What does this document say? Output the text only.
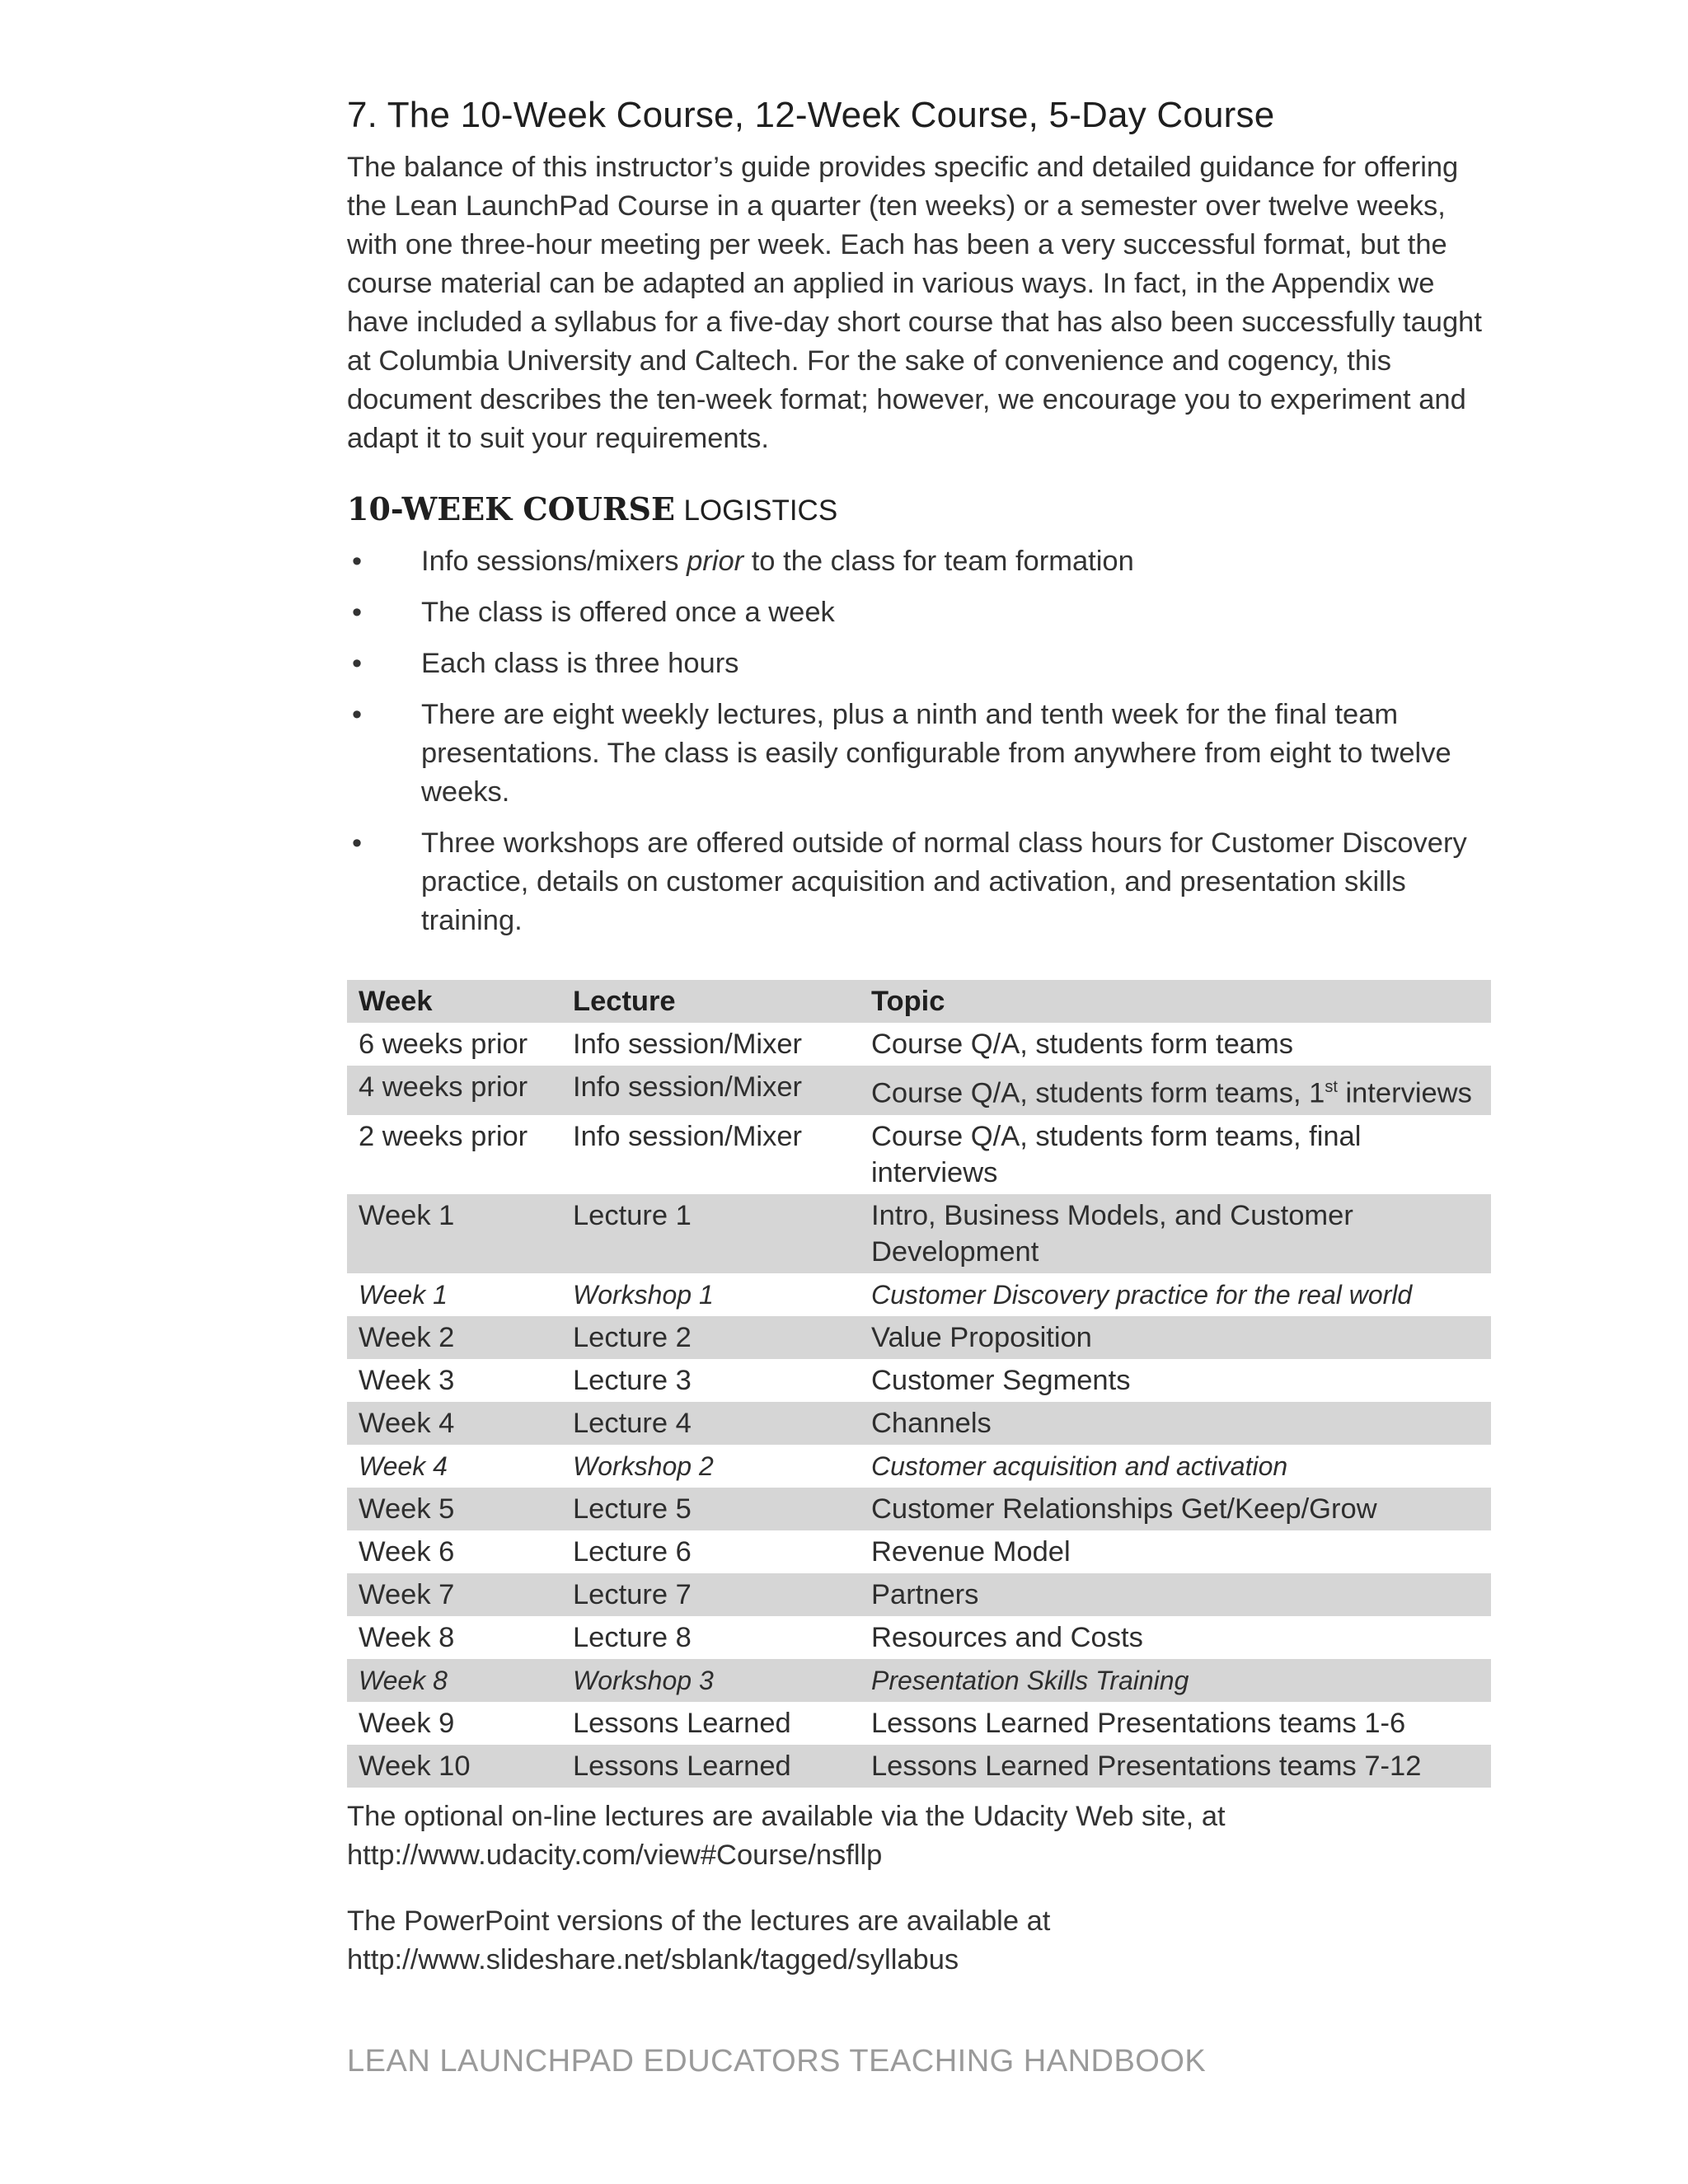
7. The 10-Week Course, 12-Week Course, 5-Day Course

The balance of this instructor’s guide provides specific and detailed guidance for offering the Lean LaunchPad Course in a quarter (ten weeks) or a semester over twelve weeks, with one three-hour meeting per week. Each has been a very successful format, but the course material can be adapted an applied in various ways. In fact, in the Appendix we have included a syllabus for a five-day short course that has also been successfully taught at Columbia University and Caltech. For the sake of convenience and cogency, this document describes the ten-week format; however, we encourage you to experiment and adapt it to suit your requirements.

10-WEEK COURSE LOGISTICS
• Info sessions/mixers prior to the class for team formation
• The class is offered once a week
• Each class is three hours
• There are eight weekly lectures, plus a ninth and tenth week for the final team presentations. The class is easily configurable from anywhere from eight to twelve weeks.
• Three workshops are offered outside of normal class hours for Customer Discovery practice, details on customer acquisition and activation, and presentation skills training.
Week	Lecture	Topic
6 weeks prior	Info session/Mixer	Course Q/A, students form teams
4 weeks prior	Info session/Mixer	Course Q/A, students form teams, 1st interviews
2 weeks prior	Info session/Mixer	Course Q/A, students form teams, final interviews
Week 1	Lecture 1	Intro, Business Models, and Customer Development
Week 1	Workshop 1	Customer Discovery practice for the real world
Week 2	Lecture 2	Value Proposition
Week 3	Lecture 3	Customer Segments
Week 4	Lecture 4	Channels
Week 4	Workshop 2	Customer acquisition and activation
Week 5	Lecture 5	Customer Relationships Get/Keep/Grow
Week 6	Lecture 6	Revenue Model
Week 7	Lecture 7	Partners
Week 8	Lecture 8	Resources and Costs
Week 8	Workshop 3	Presentation Skills Training
Week 9	Lessons Learned	Lessons Learned Presentations teams 1-6
Week 10	Lessons Learned	Lessons Learned Presentations teams 7-12

The optional on-line lectures are available via the Udacity Web site, at http://www.udacity.com/view#Course/nsfllp

The PowerPoint versions of the lectures are available at http://www.slideshare.net/sblank/tagged/syllabus

LEAN LAUNCHPAD EDUCATORS TEACHING HANDBOOK
